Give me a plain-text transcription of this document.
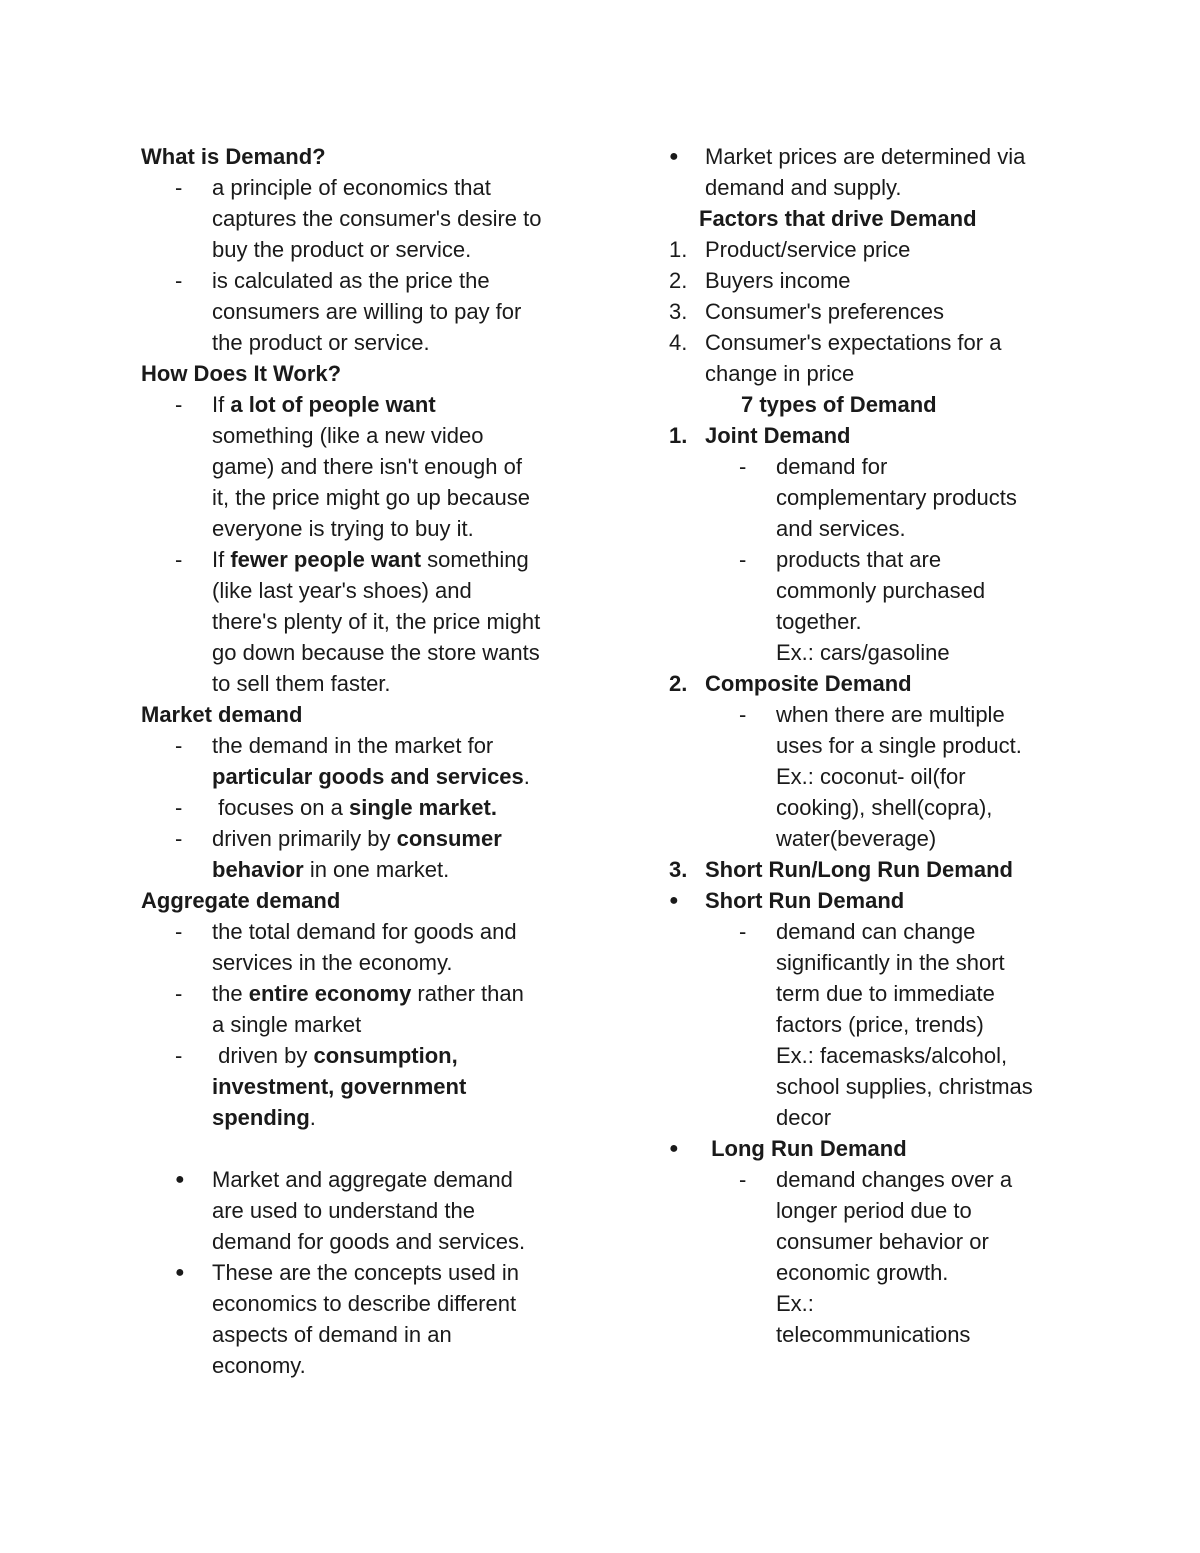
What is Demand?
- a principle of economics that
captures the consumer's desire to
buy the product or service.
- is calculated as the price the
consumers are willing to pay for
the product or service.
How Does It Work?
- If a lot of people want
something (like a new video
game) and there isn't enough of
it, the price might go up because
everyone is trying to buy it.
- If fewer people want something
(like last year's shoes) and
there's plenty of it, the price might
go down because the store wants
to sell them faster.
Market demand
- the demand in the market for
particular goods and services.
- focuses on a single market.
- driven primarily by consumer
behavior in one market.
Aggregate demand
- the total demand for goods and
services in the economy.
- the entire economy rather than
a single market
- driven by consumption,
investment, government
spending.
● Market and aggregate demand
are used to understand the
demand for goods and services.
● These are the concepts used in
economics to describe different
aspects of demand in an
economy.
● Market prices are determined via
demand and supply.
Factors that drive Demand
1. Product/service price
2. Buyers income
3. Consumer's preferences
4. Consumer's expectations for a
change in price
7 types of Demand
1. Joint Demand
- demand for
complementary products
and services.
- products that are
commonly purchased
together.
Ex.: cars/gasoline
2. Composite Demand
- when there are multiple
uses for a single product.
Ex.: coconut- oil(for
cooking), shell(copra),
water(beverage)
3. Short Run/Long Run Demand
● Short Run Demand
- demand can change
significantly in the short
term due to immediate
factors (price, trends)
Ex.: facemasks/alcohol,
school supplies, christmas
decor
● Long Run Demand
- demand changes over a
longer period due to
consumer behavior or
economic growth.
Ex.:
telecommunications
